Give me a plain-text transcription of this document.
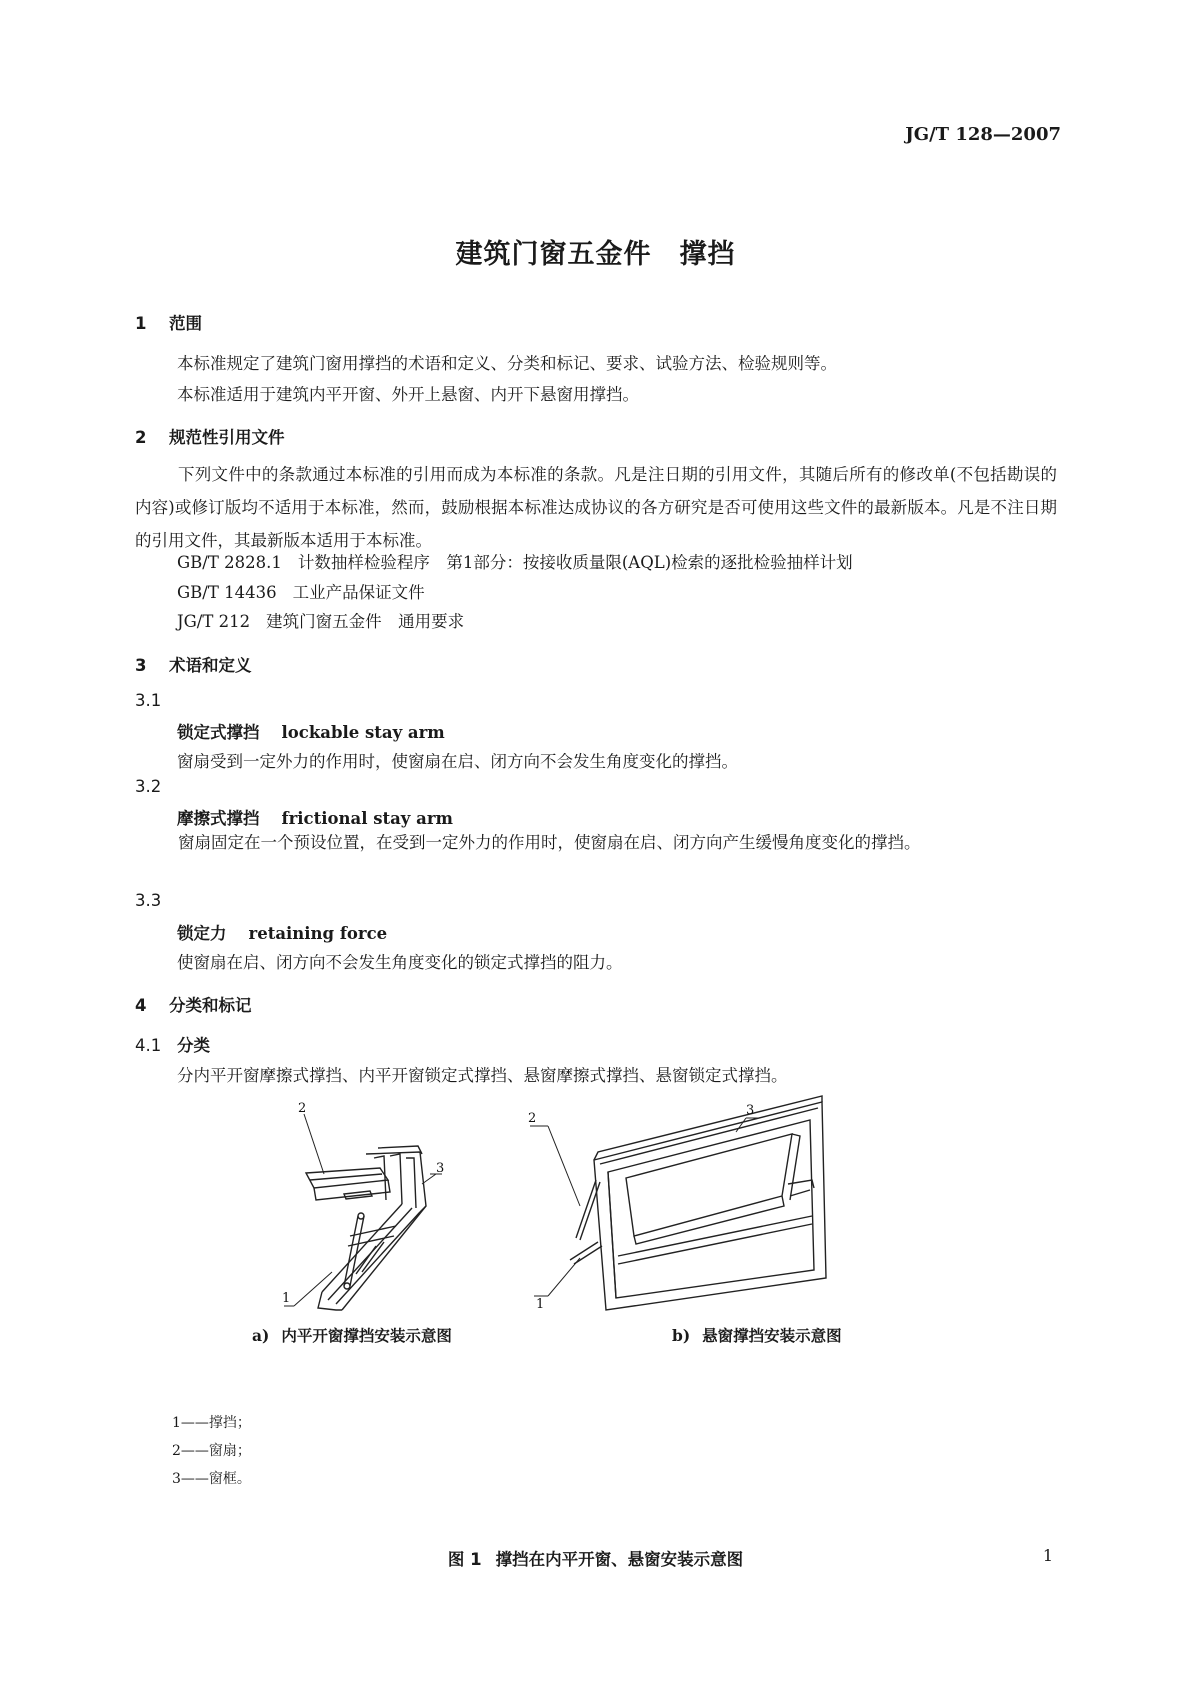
JG/T 128—2007
建筑门窗五金件　撑挡
1 范围
本标准规定了建筑门窗用撑挡的术语和定义、分类和标记、要求、试验方法、检验规则等。
本标准适用于建筑内平开窗、外开上悬窗、内开下悬窗用撑挡。
2 规范性引用文件
下列文件中的条款通过本标准的引用而成为本标准的条款。凡是注日期的引用文件，其随后所有的修改单(不包括勘误的内容)或修订版均不适用于本标准，然而，鼓励根据本标准达成协议的各方研究是否可使用这些文件的最新版本。凡是不注日期的引用文件，其最新版本适用于本标准。
GB/T 2828.1 计数抽样检验程序　第1部分：按接收质量限(AQL)检索的逐批检验抽样计划
GB/T 14436 工业产品保证文件
JG/T 212 建筑门窗五金件　通用要求
3 术语和定义
3.1
锁定式撑挡 lockable stay arm
窗扇受到一定外力的作用时，使窗扇在启、闭方向不会发生角度变化的撑挡。
3.2
摩擦式撑挡 frictional stay arm
窗扇固定在一个预设位置，在受到一定外力的作用时，使窗扇在启、闭方向产生缓慢角度变化的撑挡。
3.3
锁定力 retaining force
使窗扇在启、闭方向不会发生角度变化的锁定式撑挡的阻力。
4 分类和标记
4.1 分类
分内平开窗摩擦式撑挡、内平开窗锁定式撑挡、悬窗摩擦式撑挡、悬窗锁定式撑挡。
2
3
1
2
3
1
a) 内平开窗撑挡安装示意图	b) 悬窗撑挡安装示意图
1——撑挡；
2——窗扇；
3——窗框。
图 1 撑挡在内平开窗、悬窗安装示意图	1
